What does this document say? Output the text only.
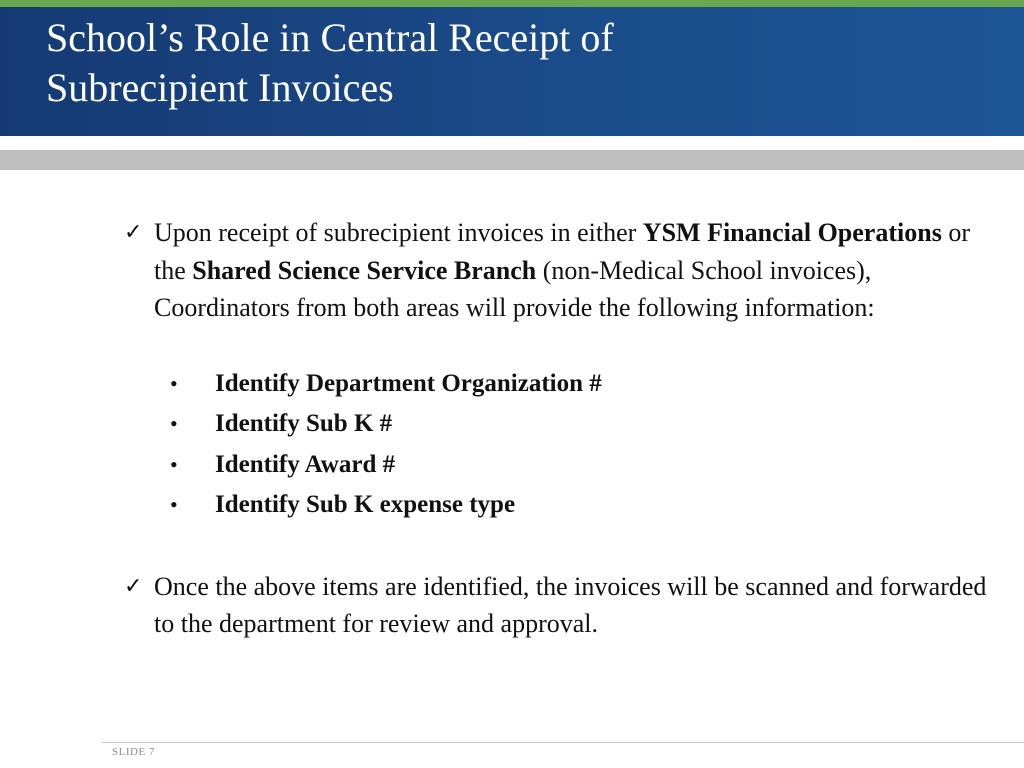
School’s Role in Central Receipt of
Subrecipient Invoices
✓ Upon receipt of subrecipient invoices in either YSM Financial Operations or the Shared Science Service Branch (non-Medical School invoices), Coordinators from both areas will provide the following information:
• Identify Department Organization #
• Identify Sub K #
• Identify Award #
• Identify Sub K expense type
✓ Once the above items are identified, the invoices will be scanned and forwarded to the department for review and approval.
SLIDE 7
